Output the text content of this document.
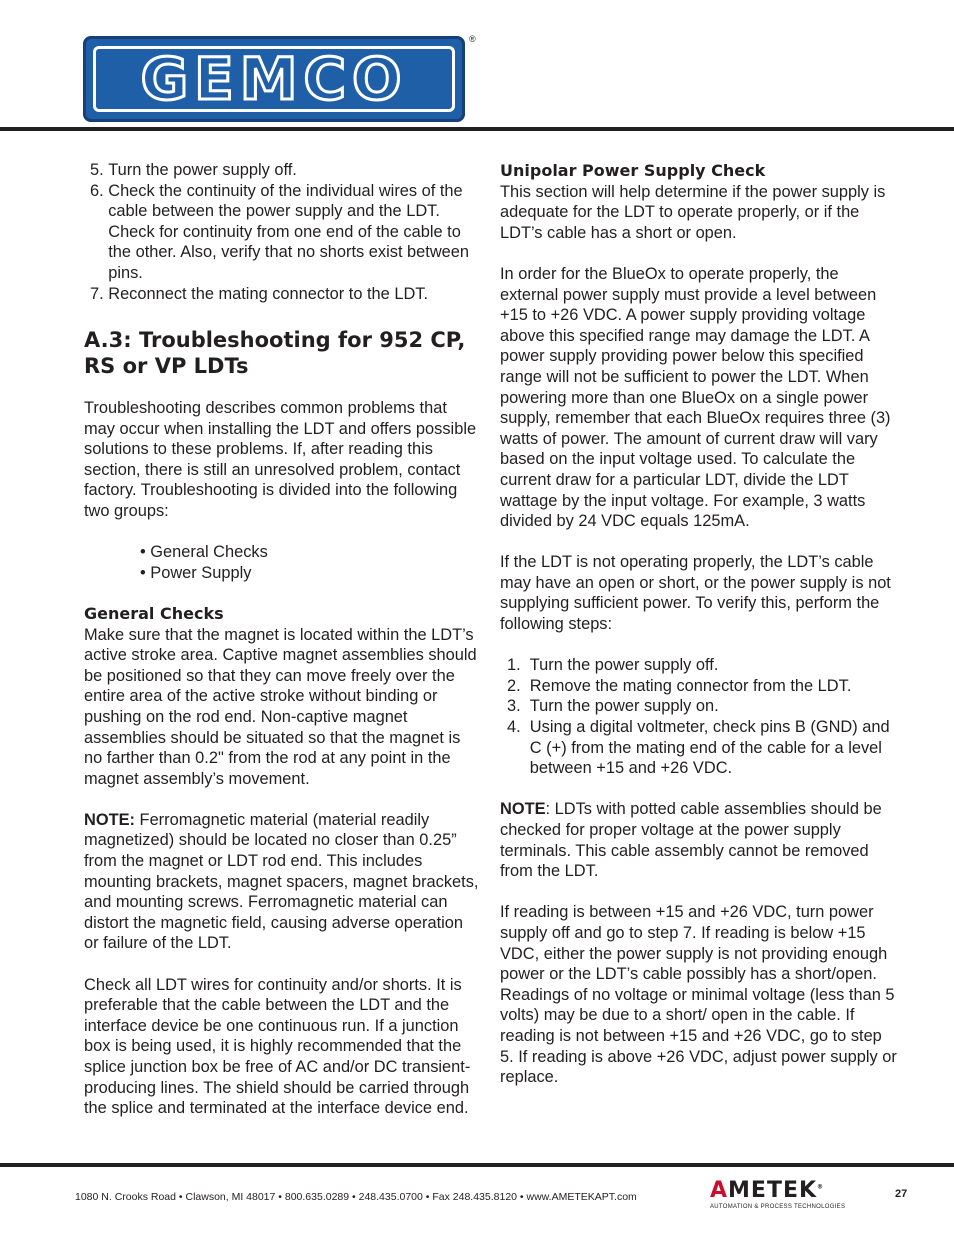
GEMCO
®
5.
Turn the power supply off.
6.
Check the continuity of the individual wires of the cable between the power supply and the LDT. Check for continuity from one end of the cable to the other. Also, verify that no shorts exist between pins.
7.
Reconnect the mating connector to the LDT.
A.3: Troubleshooting for 952 CP,
RS or VP LDTs

Troubleshooting describes common problems that may occur when installing the LDT and offers possible solutions to these problems. If, after reading this section, there is still an unresolved problem, contact factory. Troubleshooting is divided into the following two groups:

• General Checks
• Power Supply
General Checks

Make sure that the magnet is located within the LDT’s active stroke area. Captive magnet assemblies should be positioned so that they can move freely over the entire area of the active stroke without binding or pushing on the rod end. Non-captive magnet assemblies should be situated so that the magnet is no farther than 0.2" from the rod at any point in the magnet assembly’s movement.

NOTE: Ferromagnetic material (material readily magnetized) should be located no closer than 0.25” from the magnet or LDT rod end. This includes mounting brackets, magnet spacers, magnet brackets, and mounting screws. Ferromagnetic material can distort the magnetic field, causing adverse operation or failure of the LDT.

Check all LDT wires for continuity and/or shorts. It is preferable that the cable between the LDT and the interface device be one continuous run. If a junction box is being used, it is highly recommended that the splice junction box be free of AC and/or DC transient-producing lines. The shield should be carried through the splice and terminated at the interface device end.

Unipolar Power Supply Check

This section will help determine if the power supply is adequate for the LDT to operate properly, or if the LDT’s cable has a short or open.

In order for the BlueOx to operate properly, the external power supply must provide a level between +15 to +26 VDC. A power supply providing voltage above this specified range may damage the LDT. A power supply providing power below this specified range will not be sufficient to power the LDT. When powering more than one BlueOx on a single power supply, remember that each BlueOx requires three (3) watts of power. The amount of current draw will vary based on the input voltage used. To calculate the current draw for a particular LDT, divide the LDT wattage by the input voltage. For example, 3 watts divided by 24 VDC equals 125mA.

If the LDT is not operating properly, the LDT’s cable may have an open or short, or the power supply is not supplying sufficient power. To verify this, perform the following steps:

1.
Turn the power supply off.
2.
Remove the mating connector from the LDT.
3.
Turn the power supply on.
4.
Using a digital voltmeter, check pins B (GND) and C (+) from the mating end of the cable for a level between +15 and +26 VDC.

NOTE: LDTs with potted cable assemblies should be checked for proper voltage at the power supply terminals. This cable assembly cannot be removed from the LDT.

If reading is between +15 and +26 VDC, turn power supply off and go to step 7. If reading is below +15 VDC, either the power supply is not providing enough power or the LDT’s cable possibly has a short/open. Readings of no voltage or minimal voltage (less than 5 volts) may be due to a short/ open in the cable. If reading is not between +15 and +26 VDC, go to step 5. If reading is above +26 VDC, adjust power supply or replace.

1080 N. Crooks Road • Clawson, MI 48017 • 800.635.0289 • 248.435.0700 • Fax 248.435.8120 • www.AMETEKAPT.com	AMETEK®
AUTOMATION & PROCESS TECHNOLOGIES
27
